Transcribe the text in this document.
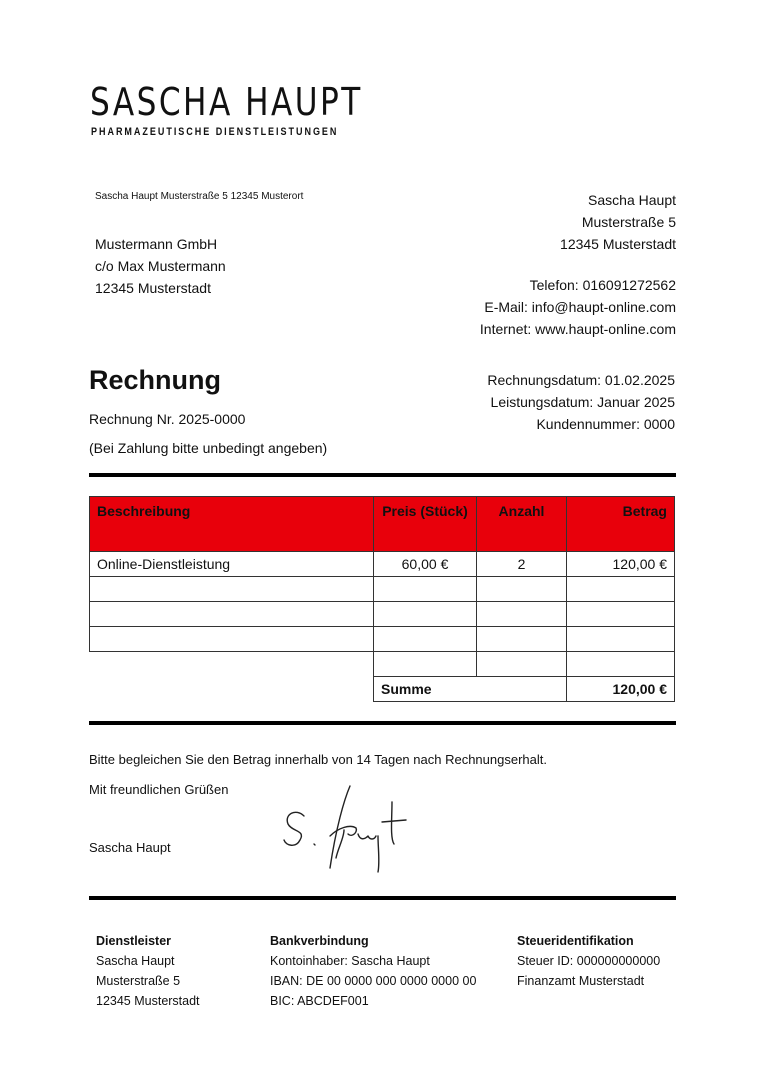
SASCHA HAUPT
PHARMAZEUTISCHE DIENSTLEISTUNGEN
Sascha Haupt Musterstraße 5 12345 Musterort
Mustermann GmbH
c/o Max Mustermann
12345 Musterstadt
Sascha Haupt
Musterstraße 5
12345 Musterstadt
Telefon: 016091272562
E-Mail: info@haupt-online.com
Internet: www.haupt-online.com
Rechnung
Rechnung Nr. 2025-0000
(Bei Zahlung bitte unbedingt angeben)
Rechnungsdatum: 01.02.2025
Leistungsdatum: Januar 2025
Kundennummer: 0000
Beschreibung	Preis (Stück)	Anzahl	Betrag
Online-Dienstleistung	60,00 €	2	120,00 €

	Summe		120,00 €
Bitte begleichen Sie den Betrag innerhalb von 14 Tagen nach Rechnungserhalt.
Mit freundlichen Grüßen
Sascha Haupt
Dienstleister
Sascha Haupt
Musterstraße 5
12345 Musterstadt
Bankverbindung
Kontoinhaber: Sascha Haupt
IBAN: DE 00 0000 000 0000 0000 00
BIC: ABCDEF001
Steueridentifikation
Steuer ID: 000000000000
Finanzamt Musterstadt
